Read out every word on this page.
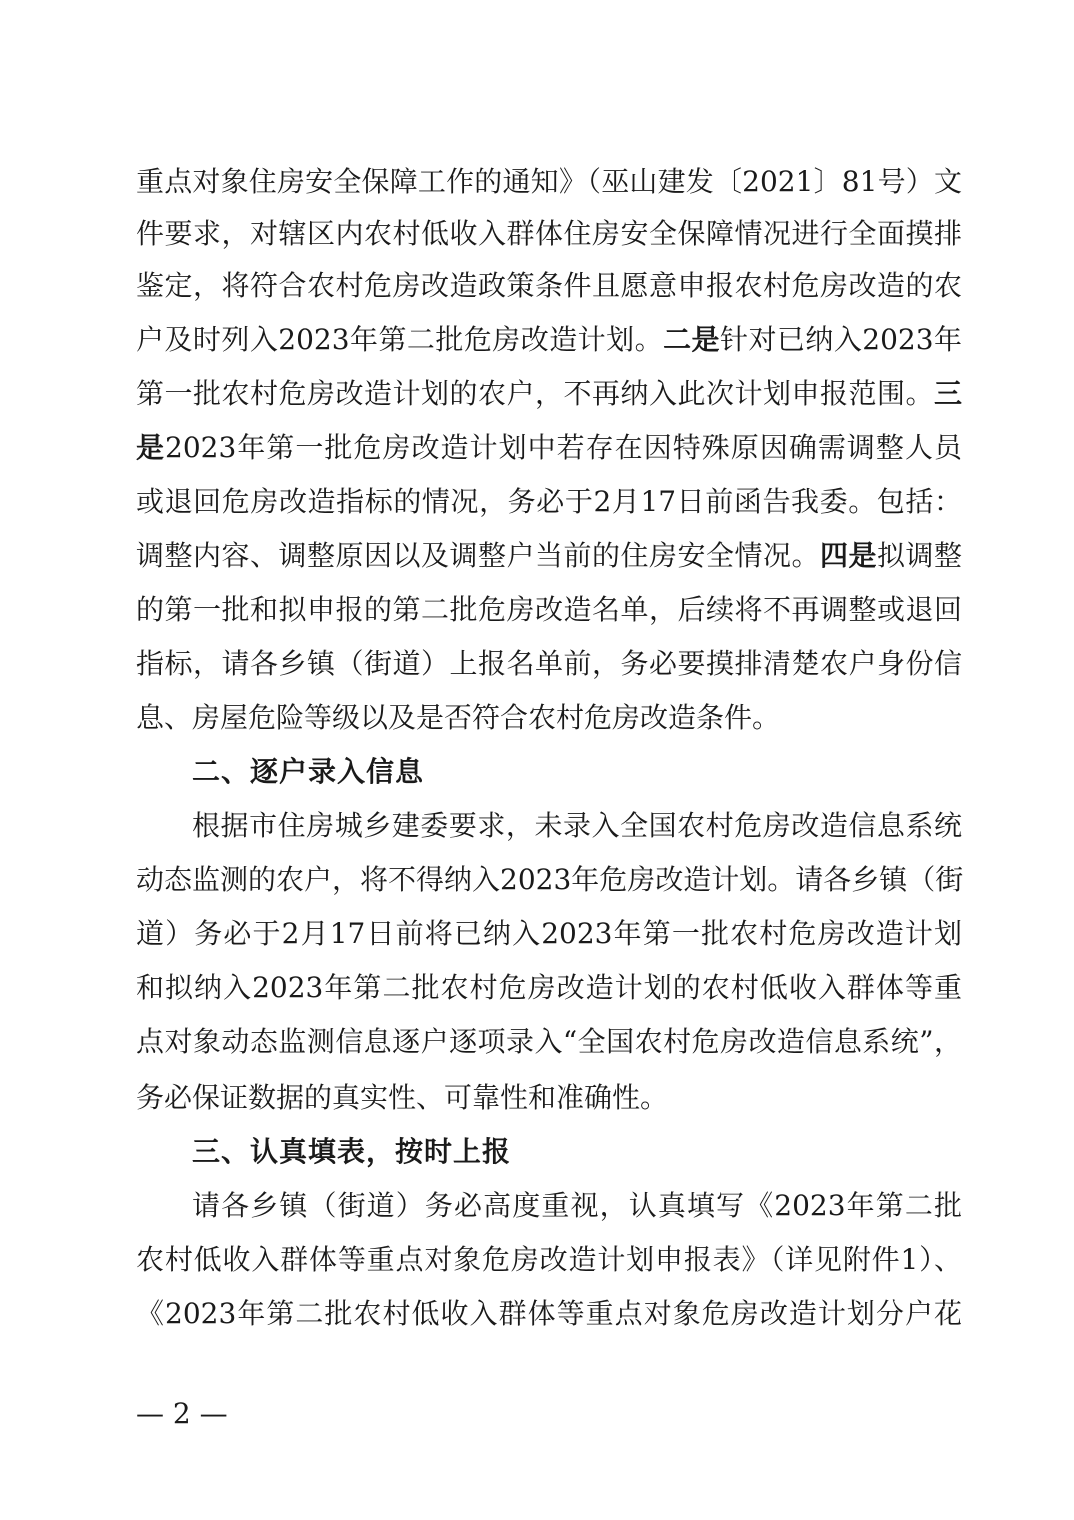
重点对象住房安全保障工作的通知》（巫山建发〔2021〕81号）文
件要求，对辖区内农村低收入群体住房安全保障情况进行全面摸排
鉴定，将符合农村危房改造政策条件且愿意申报农村危房改造的农
户及时列入2023年第二批危房改造计划。二是针对已纳入2023年
第一批农村危房改造计划的农户，不再纳入此次计划申报范围。三
是2023年第一批危房改造计划中若存在因特殊原因确需调整人员
或退回危房改造指标的情况，务必于2月17日前函告我委。包括：
调整内容、调整原因以及调整户当前的住房安全情况。四是拟调整
的第一批和拟申报的第二批危房改造名单，后续将不再调整或退回
指标，请各乡镇（街道）上报名单前，务必要摸排清楚农户身份信
息、房屋危险等级以及是否符合农村危房改造条件。
二、逐户录入信息
根据市住房城乡建委要求，未录入全国农村危房改造信息系统
动态监测的农户，将不得纳入2023年危房改造计划。请各乡镇（街
道）务必于2月17日前将已纳入2023年第一批农村危房改造计划
和拟纳入2023年第二批农村危房改造计划的农村低收入群体等重
点对象动态监测信息逐户逐项录入“全国农村危房改造信息系统”，
务必保证数据的真实性、可靠性和准确性。
三、认真填表，按时上报
请各乡镇（街道）务必高度重视，认真填写《2023年第二批
农村低收入群体等重点对象危房改造计划申报表》（详见附件1）、
《2023年第二批农村低收入群体等重点对象危房改造计划分户花
— 2 —
